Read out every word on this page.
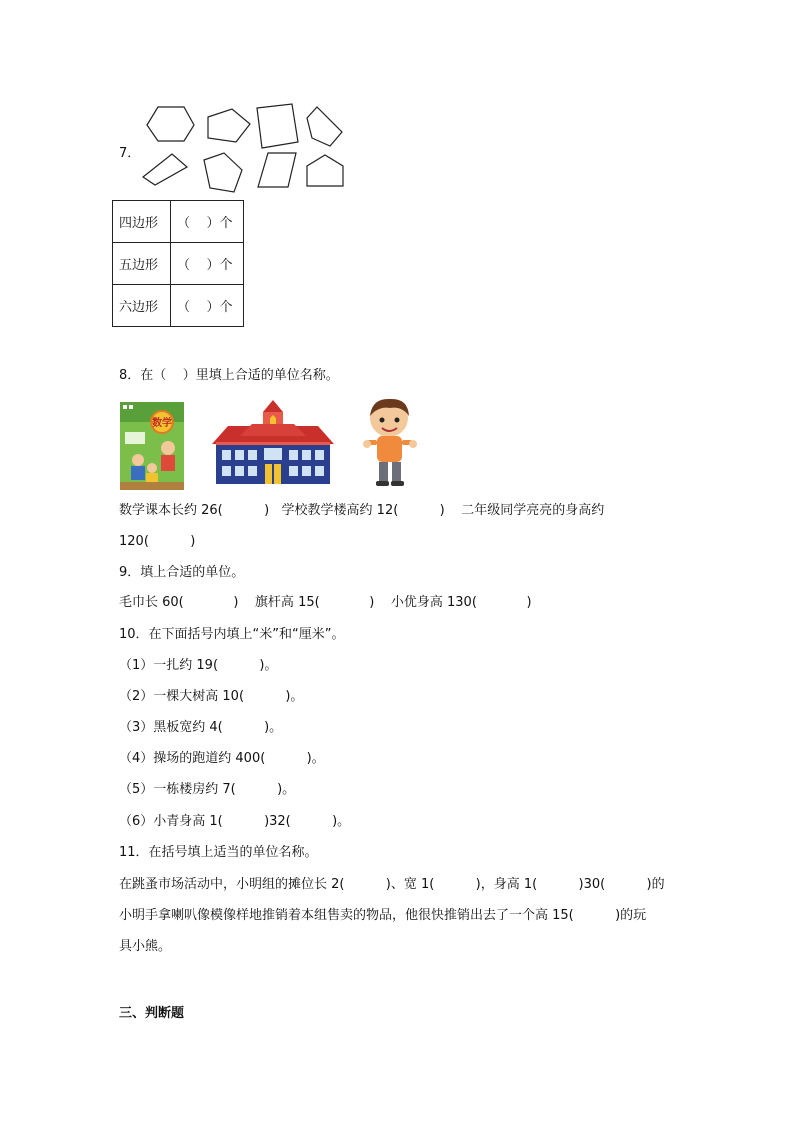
7．
四边形	（    ）个
五边形	（    ）个
六边形	（    ）个
8．在（    ）里填上合适的单位名称。
数学
数学课本长约 26(          )   学校教学楼高约 12(          )    二年级同学亮亮的身高约
120(          )
9．填上合适的单位。
毛巾长 60(            )    旗杆高 15(            )    小优身高 130(            )
10．在下面括号内填上“米”和“厘米”。
（1）一扎约 19(          )。
（2）一棵大树高 10(          )。
（3）黑板宽约 4(          )。
（4）操场的跑道约 400(          )。
（5）一栋楼房约 7(          )。
（6）小青身高 1(          )32(          )。
11．在括号填上适当的单位名称。
在跳蚤市场活动中，小明组的摊位长 2(          )、宽 1(          )，身高 1(          )30(          )的
小明手拿喇叭像模像样地推销着本组售卖的物品，他很快推销出去了一个高 15(          )的玩
具小熊。
三、判断题
